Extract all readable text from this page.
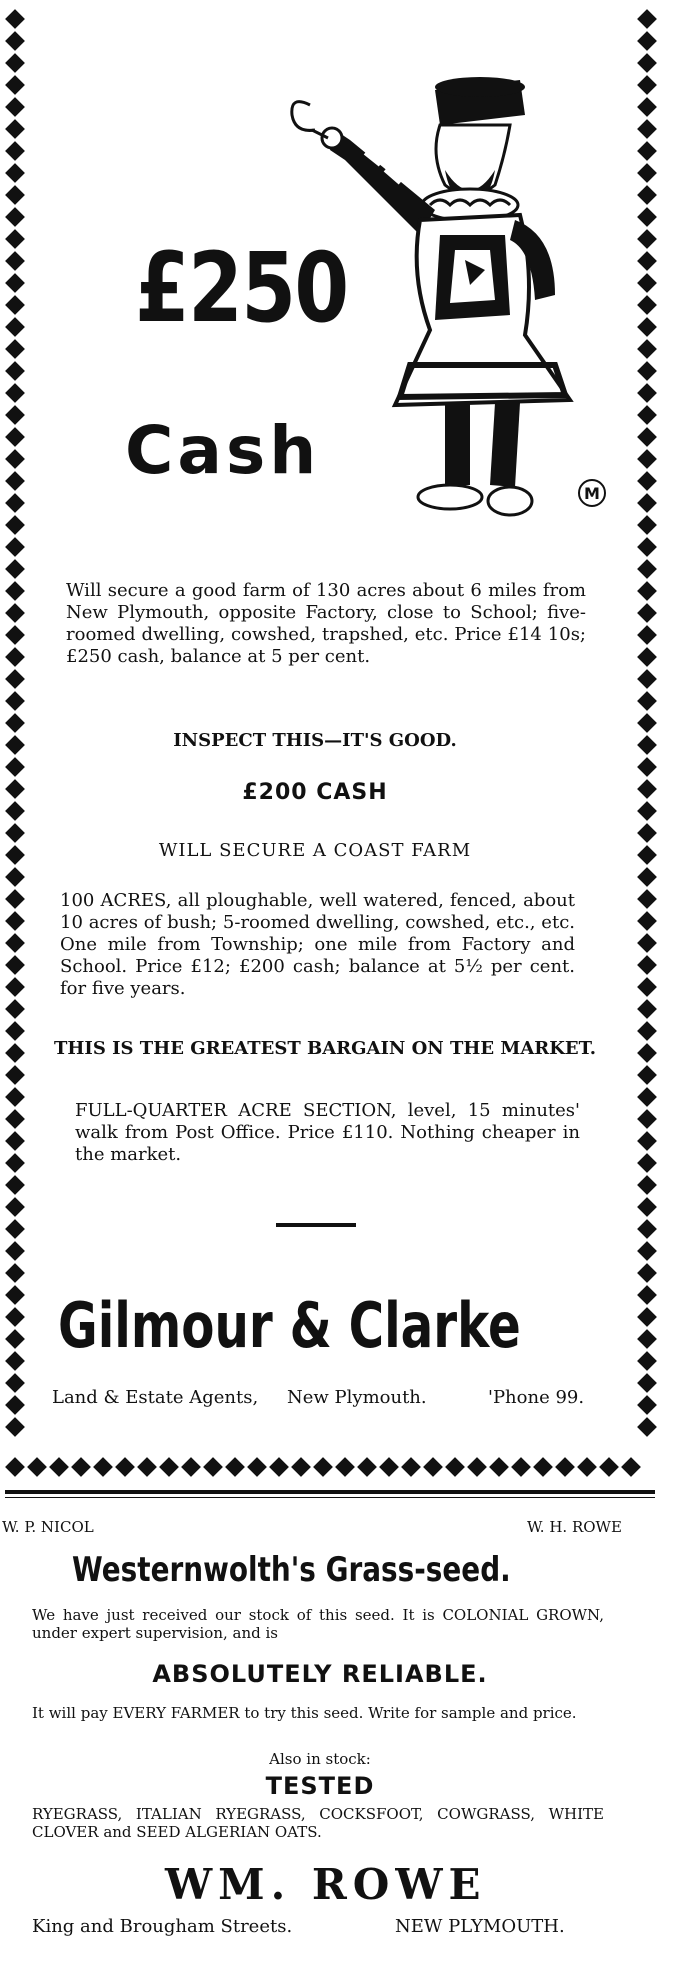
M
£250
Cash
Will secure a good farm of 130 acres about 6 miles from New Plymouth, opposite Factory, close to School; five-roomed dwelling, cowshed, trapshed, etc. Price £14 10s; £250 cash, balance at 5 per cent.
INSPECT THIS—IT'S GOOD.
£200 CASH
WILL SECURE A COAST FARM
100 ACRES, all ploughable, well watered, fenced, about 10 acres of bush; 5-roomed dwelling, cowshed, etc., etc. One mile from Township; one mile from Factory and School. Price £12; £200 cash; balance at 5½ per cent. for five years.
THIS IS THE GREATEST BARGAIN ON THE MARKET.
FULL-QUARTER ACRE SECTION, level, 15 minutes' walk from Post Office. Price £110. Nothing cheaper in the market.
Gilmour & Clarke
Land & Estate Agents, New Plymouth.	'Phone 99.
W. P. NICOL	W. H. ROWE
Westernwolth's Grass-seed.
We have just received our stock of this seed. It is COLONIAL GROWN, under expert supervision, and is
ABSOLUTELY RELIABLE.
It will pay EVERY FARMER to try this seed. Write for sample and price.
Also in stock:
TESTED
RYEGRASS, ITALIAN RYEGRASS, COCKSFOOT, COWGRASS, WHITE CLOVER and SEED ALGERIAN OATS.
WM. ROWE
King and Brougham Streets.	NEW PLYMOUTH.
